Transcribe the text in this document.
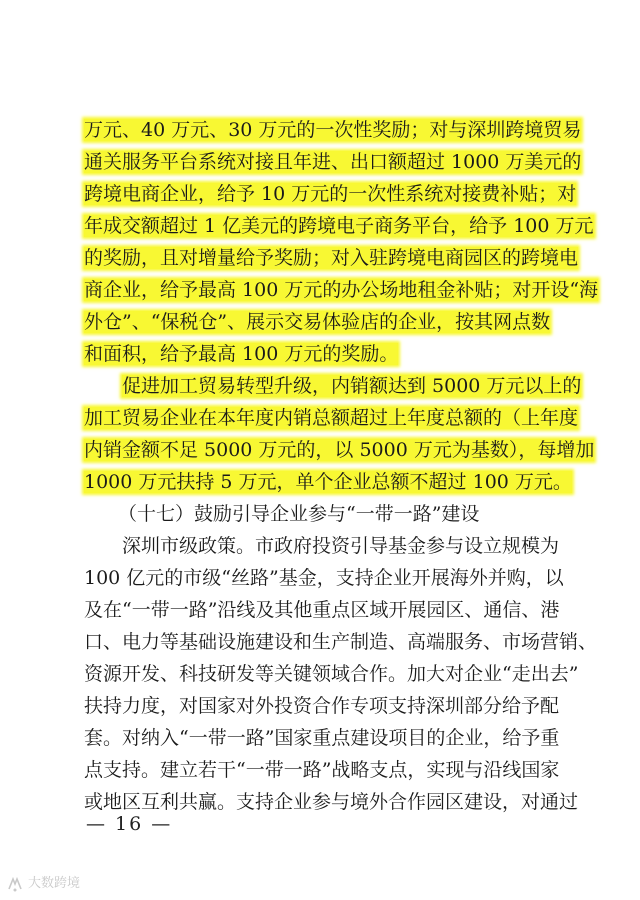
万元、40 万元、30 万元的一次性奖励；对与深圳跨境贸易
通关服务平台系统对接且年进、出口额超过 1000 万美元的
跨境电商企业，给予 10 万元的一次性系统对接费补贴；对
年成交额超过 1 亿美元的跨境电子商务平台，给予 100 万元
的奖励，且对增量给予奖励；对入驻跨境电商园区的跨境电
商企业，给予最高 100 万元的办公场地租金补贴；对开设“海
外仓”、“保税仓”、展示交易体验店的企业，按其网点数
和面积，给予最高 100 万元的奖励。
促进加工贸易转型升级，内销额达到 5000 万元以上的
加工贸易企业在本年度内销总额超过上年度总额的（上年度
内销金额不足 5000 万元的，以 5000 万元为基数），每增加
1000 万元扶持 5 万元，单个企业总额不超过 100 万元。
（十七）鼓励引导企业参与“一带一路”建设
深圳市级政策。市政府投资引导基金参与设立规模为
100 亿元的市级“丝路”基金，支持企业开展海外并购，以
及在“一带一路”沿线及其他重点区域开展园区、通信、港
口、电力等基础设施建设和生产制造、高端服务、市场营销、
资源开发、科技研发等关键领域合作。加大对企业“走出去”
扶持力度，对国家对外投资合作专项支持深圳部分给予配
套。对纳入“一带一路”国家重点建设项目的企业，给予重
点支持。建立若干“一带一路”战略支点，实现与沿线国家
或地区互利共赢。支持企业参与境外合作园区建设，对通过
— 16 —
大数跨境
